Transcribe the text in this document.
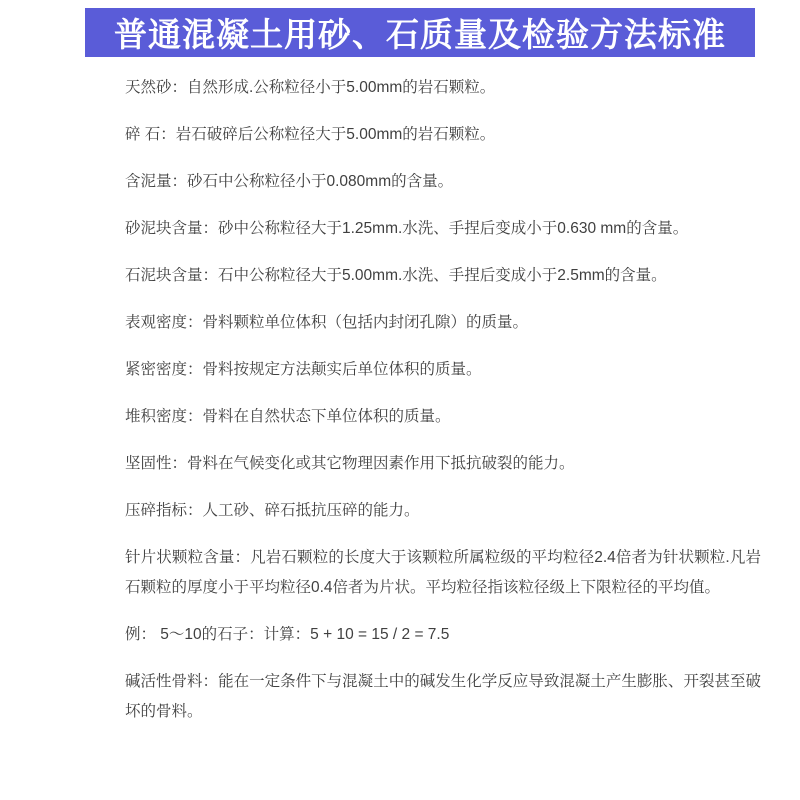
普通混凝土用砂、石质量及检验方法标准

天然砂：自然形成.公称粒径小于5.00mm的岩石颗粒。

碎 石：岩石破碎后公称粒径大于5.00mm的岩石颗粒。

含泥量：砂石中公称粒径小于0.080mm的含量。

砂泥块含量：砂中公称粒径大于1.25mm.水洗、手捏后变成小于0.630 mm的含量。

石泥块含量：石中公称粒径大于5.00mm.水洗、手捏后变成小于2.5mm的含量。

表观密度：骨料颗粒单位体积（包括内封闭孔隙）的质量。

紧密密度：骨料按规定方法颠实后单位体积的质量。

堆积密度：骨料在自然状态下单位体积的质量。

坚固性：骨料在气候变化或其它物理因素作用下抵抗破裂的能力。

压碎指标：人工砂、碎石抵抗压碎的能力。

针片状颗粒含量：凡岩石颗粒的长度大于该颗粒所属粒级的平均粒径2.4倍者为针状颗粒.凡岩石颗粒的厚度小于平均粒径0.4倍者为片状。平均粒径指该粒径级上下限粒径的平均值。

例： 5～10的石子：计算：5 + 10 = 15 / 2 = 7.5

碱活性骨料：能在一定条件下与混凝土中的碱发生化学反应导致混凝土产生膨胀、开裂甚至破坏的骨料。
